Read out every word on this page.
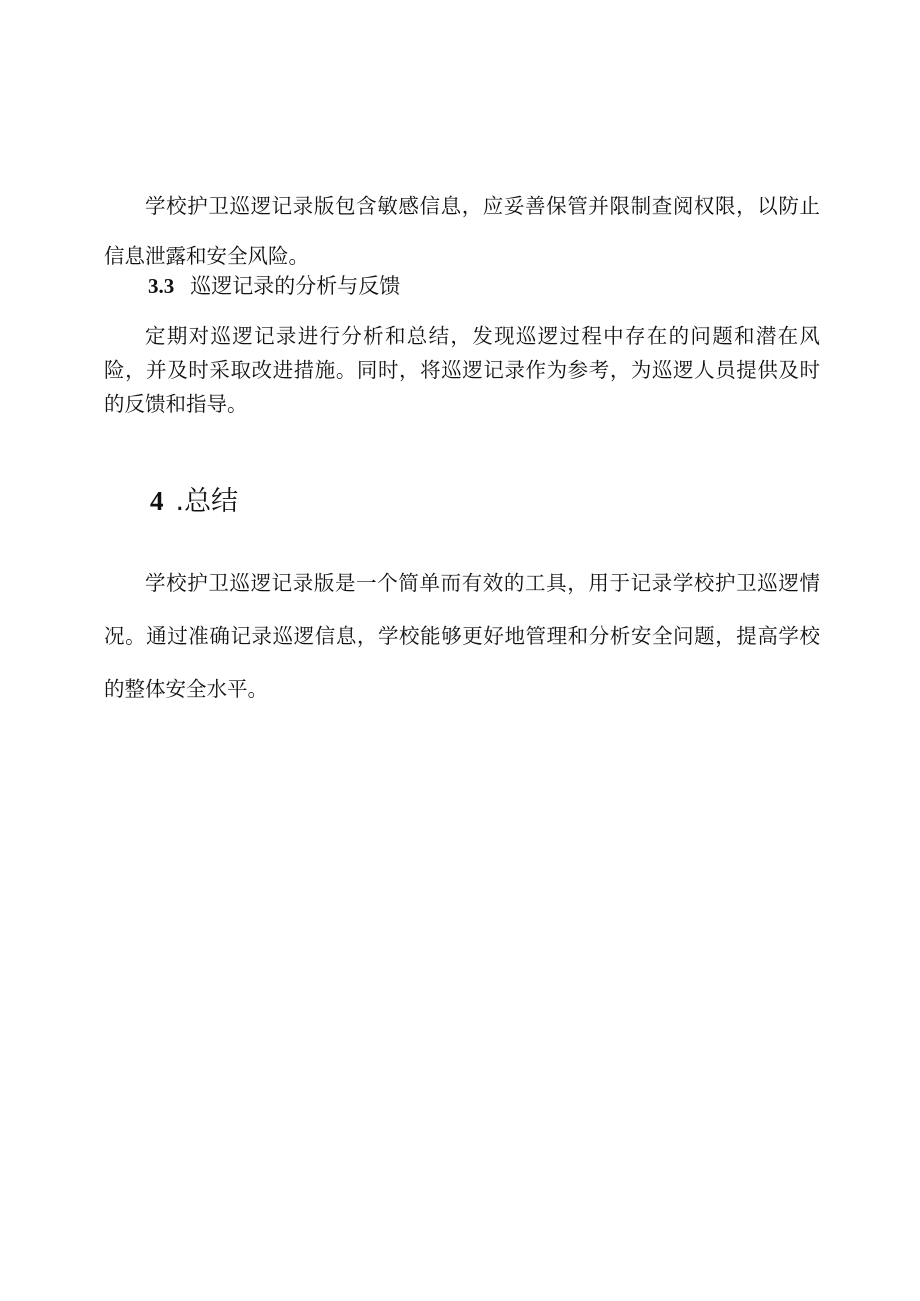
学校护卫巡逻记录版包含敏感信息，应妥善保管并限制查阅权限，以防止信息泄露和安全风险。

3.3 巡逻记录的分析与反馈

定期对巡逻记录进行分析和总结，发现巡逻过程中存在的问题和潜在风险，并及时采取改进措施。同时，将巡逻记录作为参考，为巡逻人员提供及时的反馈和指导。

4 .总结

学校护卫巡逻记录版是一个简单而有效的工具，用于记录学校护卫巡逻情况。通过准确记录巡逻信息，学校能够更好地管理和分析安全问题，提高学校的整体安全水平。
